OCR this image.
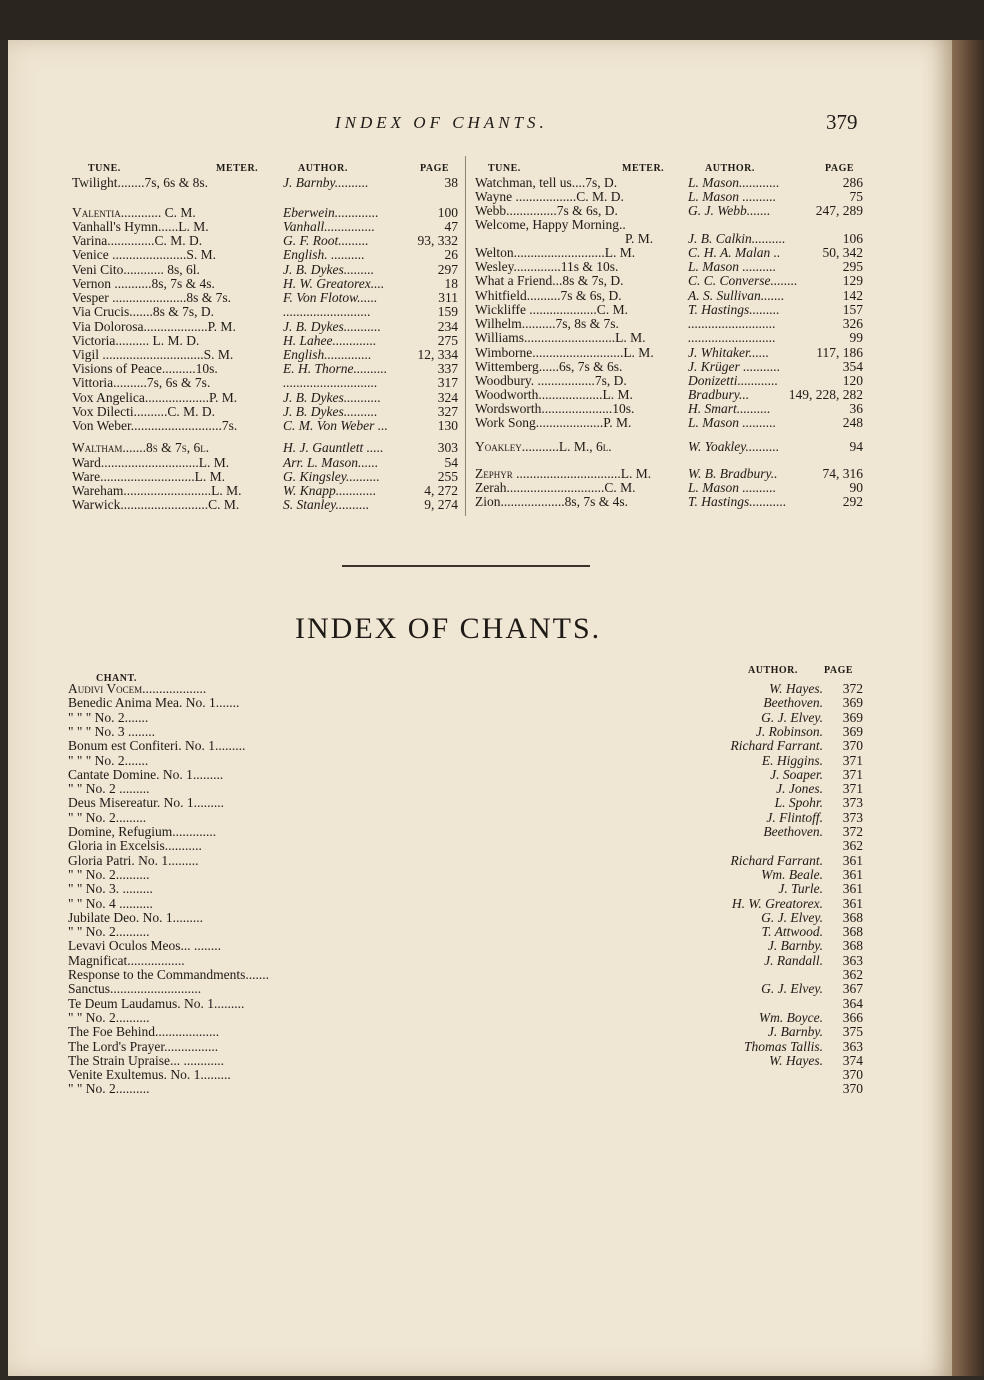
INDEX OF CHANTS.	379
TUNE.	METER.	AUTHOR.	PAGE	TUNE.	METER.	AUTHOR.	PAGE
Twilight........7s, 6s & 8s.	J. Barnby..........	38
Valentia............ C. M.	Eberwein.............	100
Vanhall's Hymn......L. M.	Vanhall...............	47
Varina..............C. M. D.	G. F. Root.........	93, 332
Venice ......................S. M.	English. ..........	26
Veni Cito............ 8s, 6l.	J. B. Dykes.........	297
Vernon ...........8s, 7s & 4s.	H. W. Greatorex....	18
Vesper ......................8s & 7s.	F. Von Flotow......	311
Via Crucis.......8s & 7s, D.	..........................	159
Via Dolorosa...................P. M.	J. B. Dykes...........	234
Victoria.......... L. M. D.	H. Lahee.............	275
Vigil ..............................S. M.	English..............	12, 334
Visions of Peace..........10s.	E. H. Thorne..........	337
Vittoria..........7s, 6s & 7s.	............................	317
Vox Angelica...................P. M.	J. B. Dykes...........	324
Vox Dilecti..........C. M. D.	J. B. Dykes..........	327
Von Weber...........................7s.	C. M. Von Weber ...	130
Waltham.......8s & 7s, 6l.	H. J. Gauntlett .....	303
Ward.............................L. M.	Arr. L. Mason......	54
Ware............................L. M.	G. Kingsley..........	255
Wareham..........................L. M.	W. Knapp............	4, 272
Warwick..........................C. M.	S. Stanley..........	9, 274
Watchman, tell us....7s, D.	L. Mason............	286
Wayne ..................C. M. D.	L. Mason ..........	75
Webb...............7s & 6s, D.	G. J. Webb.......	247, 289
Welcome, Happy Morning..
P. M.	J. B. Calkin..........	106
Welton...........................L. M.	C. H. A. Malan ..	50, 342
Wesley..............11s & 10s.	L. Mason ..........	295
What a Friend...8s & 7s, D.	C. C. Converse........	129
Whitfield..........7s & 6s, D.	A. S. Sullivan.......	142
Wickliffe ....................C. M.	T. Hastings.........	157
Wilhelm..........7s, 8s & 7s.	..........................	326
Williams...........................L. M.	..........................	99
Wimborne...........................L. M.	J. Whitaker......	117, 186
Wittemberg......6s, 7s & 6s.	J. Krüger ...........	354
Woodbury. .................7s, D.	Donizetti............	120
Woodworth...................L. M.	Bradbury...	149, 228, 282
Wordsworth.....................10s.	H. Smart..........	36
Work Song....................P. M.	L. Mason ..........	248
Yoakley...........L. M., 6l.	W. Yoakley..........	94
Zephyr ...............................L. M.	W. B. Bradbury..	74, 316
Zerah.............................C. M.	L. Mason ..........	90
Zion...................8s, 7s & 4s.	T. Hastings...........	292
INDEX OF CHANTS.
CHANT.
AUTHOR.	PAGE
Audivi Vocem...................	W. Hayes.	372
Benedic Anima Mea. No. 1.......	Beethoven.	369
" " " No. 2.......	G. J. Elvey.	369
" " " No. 3 ........	J. Robinson.	369
Bonum est Confiteri. No. 1.........	Richard Farrant.	370
" " " No. 2.......	E. Higgins.	371
Cantate Domine. No. 1.........	J. Soaper.	371
" " No. 2 .........	J. Jones.	371
Deus Misereatur. No. 1.........	L. Spohr.	373
" " No. 2.........	J. Flintoff.	373
Domine, Refugium.............	Beethoven.	372
Gloria in Excelsis...........	362
Gloria Patri. No. 1.........	Richard Farrant.	361
" " No. 2..........	Wm. Beale.	361
" " No. 3. .........	J. Turle.	361
" " No. 4 ..........	H. W. Greatorex.	361
Jubilate Deo. No. 1.........	G. J. Elvey.	368
" " No. 2..........	T. Attwood.	368
Levavi Oculos Meos... ........	J. Barnby.	368
Magnificat.................	J. Randall.	363
Response to the Commandments.......	362
Sanctus...........................	G. J. Elvey.	367
Te Deum Laudamus. No. 1.........	364
" " No. 2..........	Wm. Boyce.	366
The Foe Behind...................	J. Barnby.	375
The Lord's Prayer................	Thomas Tallis.	363
The Strain Upraise... ............	W. Hayes.	374
Venite Exultemus. No. 1.........	370
" " No. 2..........	370
